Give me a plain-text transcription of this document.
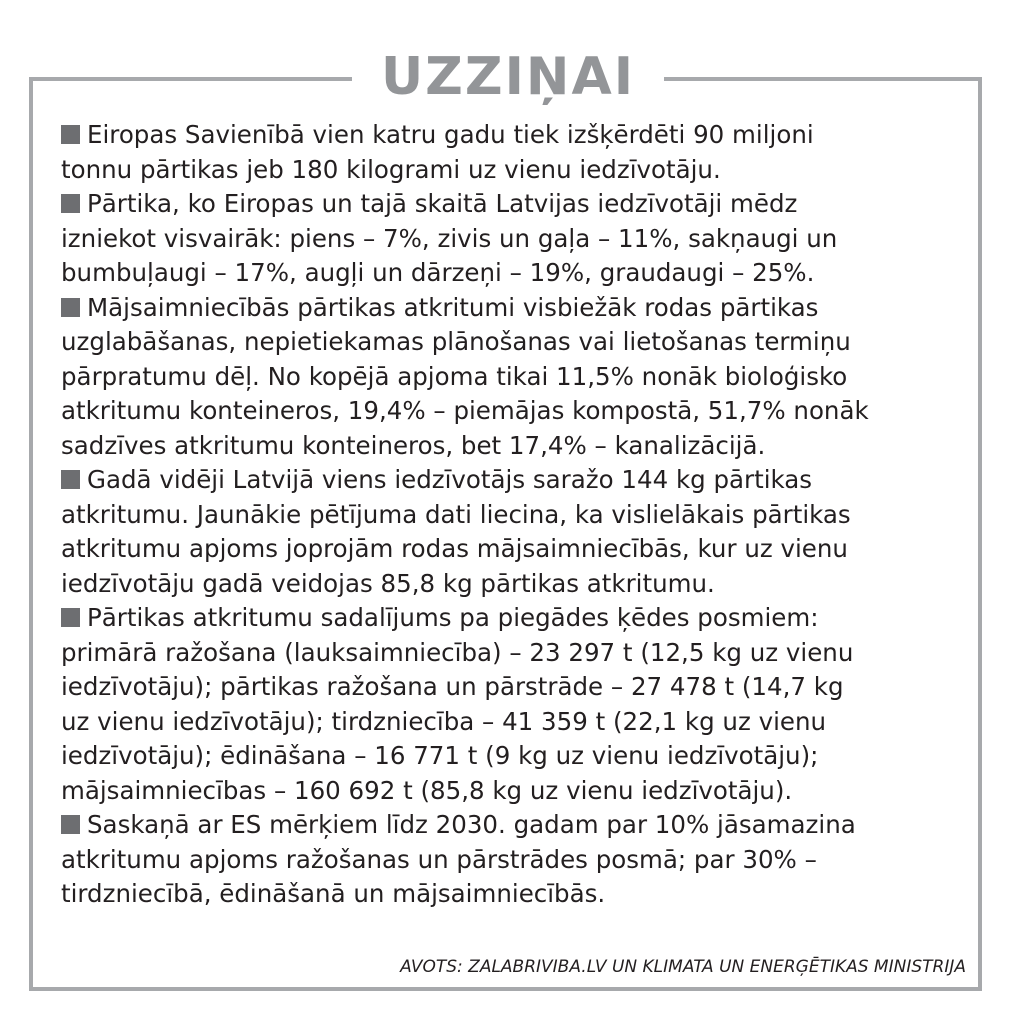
UZZIŅAI

Eiropas Savienībā vien katru gadu tiek izšķērdēti 90 miljoni
tonnu pārtikas jeb 180 kilogrami uz vienu iedzīvotāju.

Pārtika, ko Eiropas un tajā skaitā Latvijas iedzīvotāji mēdz
izniekot visvairāk: piens – 7%, zivis un gaļa – 11%, sakņaugi un
bumbuļaugi – 17%, augļi un dārzeņi – 19%, graudaugi – 25%.

Mājsaimniecībās pārtikas atkritumi visbiežāk rodas pārtikas
uzglabāšanas, nepietiekamas plānošanas vai lietošanas termiņu
pārpratumu dēļ. No kopējā apjoma tikai 11,5% nonāk bioloģisko
atkritumu konteineros, 19,4% – piemājas kompostā, 51,7% nonāk
sadzīves atkritumu konteineros, bet 17,4% – kanalizācijā.

Gadā vidēji Latvijā viens iedzīvotājs saražo 144 kg pārtikas
atkritumu. Jaunākie pētījuma dati liecina, ka vislielākais pārtikas
atkritumu apjoms joprojām rodas mājsaimniecībās, kur uz vienu
iedzīvotāju gadā veidojas 85,8 kg pārtikas atkritumu.

Pārtikas atkritumu sadalījums pa piegādes ķēdes posmiem:
primārā ražošana (lauksaimniecība) – 23 297 t (12,5 kg uz vienu
iedzīvotāju); pārtikas ražošana un pārstrāde – 27 478 t (14,7 kg
uz vienu iedzīvotāju); tirdzniecība – 41 359 t (22,1 kg uz vienu
iedzīvotāju); ēdināšana – 16 771 t (9 kg uz vienu iedzīvotāju);
mājsaimniecības – 160 692 t (85,8 kg uz vienu iedzīvotāju).

Saskaņā ar ES mērķiem līdz 2030. gadam par 10% jāsamazina
atkritumu apjoms ražošanas un pārstrādes posmā; par 30% –
tirdzniecībā, ēdināšanā un mājsaimniecībās.

AVOTS: ZALABRIVIBA.LV UN KLIMATA UN ENERĢĒTIKAS MINISTRIJA
